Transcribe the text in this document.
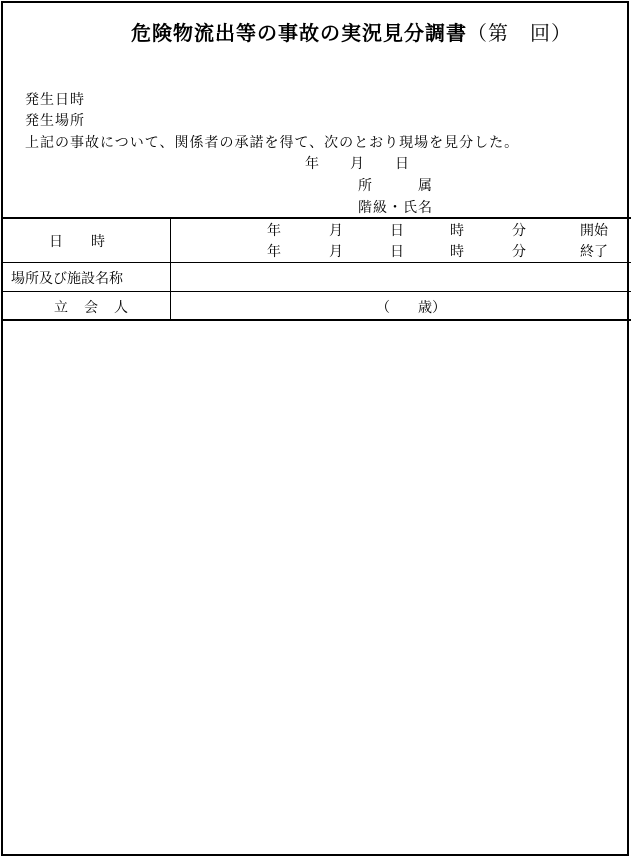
危険物流出等の事故の実況見分調書（第　回）
発生日時
発生場所
上記の事故について、関係者の承諾を得て、次のとおり現場を見分した。
年　　月　　日
所　　　属
階級・氏名
日　　時
年	月	日	時	分	開始
年	月	日	時	分	終了
場所及び施設名称
立　会　人	（　　歳）
